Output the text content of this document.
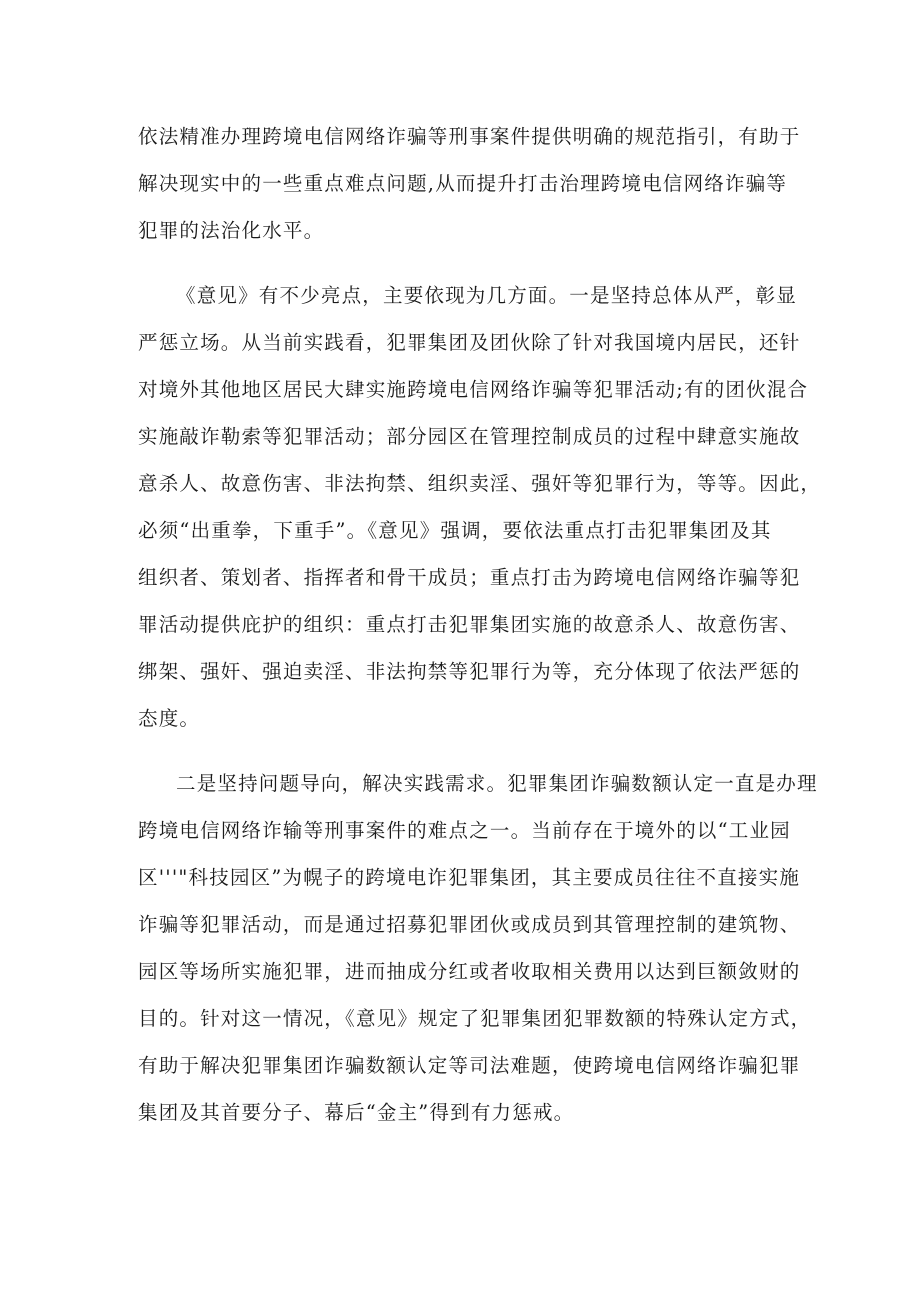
依法精准办理跨境电信网络诈骗等刑事案件提供明确的规范指引，有助于
解决现实中的一些重点难点问题,从而提升打击治理跨境电信网络诈骗等
犯罪的法治化水平。
《意见》有不少亮点，主要依现为几方面。一是坚持总体从严，彰显
严惩立场。从当前实践看，犯罪集团及团伙除了针对我国境内居民，还针
对境外其他地区居民大肆实施跨境电信网络诈骗等犯罪活动;有的团伙混合
实施敲诈勒索等犯罪活动；部分园区在管理控制成员的过程中肆意实施故
意杀人、故意伤害、非法拘禁、组织卖淫、强奸等犯罪行为，等等。因此，
必须“出重拳，下重手”。《意见》强调，要依法重点打击犯罪集团及其
组织者、策划者、指挥者和骨干成员；重点打击为跨境电信网络诈骗等犯
罪活动提供庇护的组织：重点打击犯罪集团实施的故意杀人、故意伤害、
绑架、强奸、强迫卖淫、非法拘禁等犯罪行为等，充分体现了依法严惩的
态度。
二是坚持问题导向，解决实践需求。犯罪集团诈骗数额认定一直是办理
跨境电信网络诈输等刑事案件的难点之一。当前存在于境外的以“工业园
区'''"科技园区”为幌子的跨境电诈犯罪集团，其主要成员往往不直接实施
诈骗等犯罪活动，而是通过招募犯罪团伙或成员到其管理控制的建筑物、
园区等场所实施犯罪，进而抽成分红或者收取相关费用以达到巨额敛财的
目的。针对这一情况，《意见》规定了犯罪集团犯罪数额的特殊认定方式，
有助于解决犯罪集团诈骗数额认定等司法难题，使跨境电信网络诈骗犯罪
集团及其首要分子、幕后“金主”得到有力惩戒。
